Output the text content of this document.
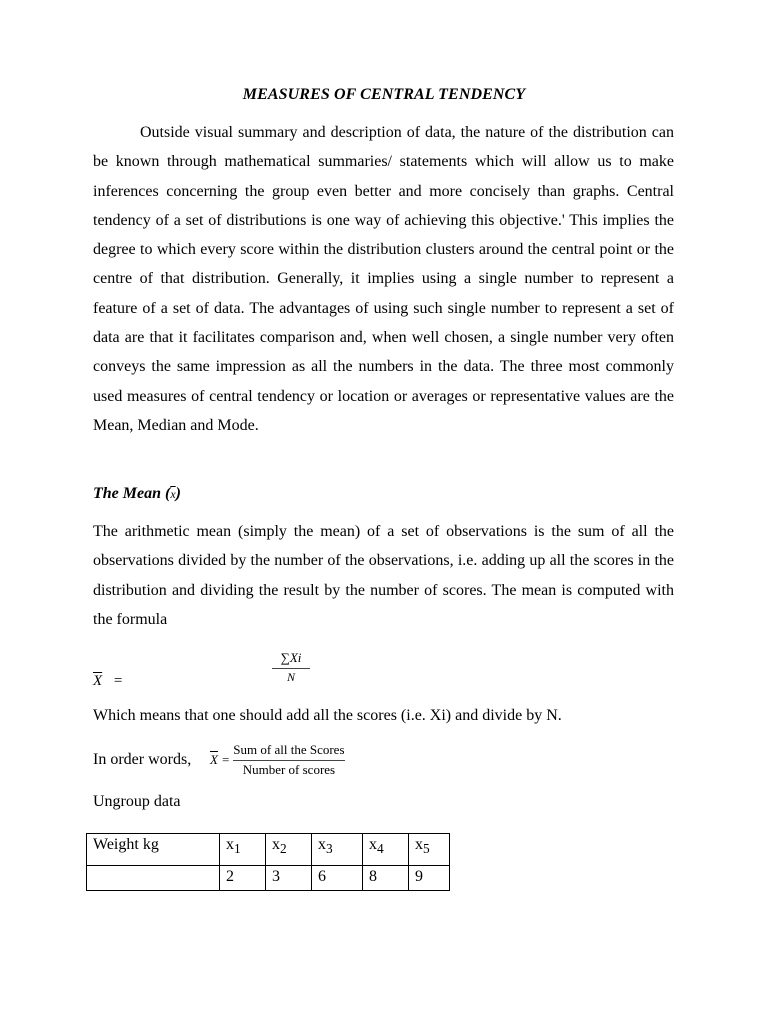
MEASURES OF CENTRAL TENDENCY

Outside visual summary and description of data, the nature of the distribution can be known through mathematical summaries/ statements which will allow us to make inferences concerning the group even better and more concisely than graphs. Central tendency of a set of distributions is one way of achieving this objective.' This implies the degree to which every score within the distribution clusters around the central point or the centre of that distribution. Generally, it implies using a single number to represent a feature of a set of data. The advantages of using such single number to represent a set of data are that it facilitates comparison and, when well chosen, a single number very often conveys the same impression as all the numbers in the data. The three most commonly used measures of central tendency or location or averages or representative values are the Mean, Median and Mode.

The Mean $(\overline{x})$

The arithmetic mean (simply the mean) of a set of observations is the sum of all the observations divided by the number of the observations, i.e. adding up all the scores in the distribution and dividing the result by the number of scores. The mean is computed with the formula

$\overline{X}$ =
∑Xi
N
Which means that one should add all the scores (i.e. Xi) and divide by N.
In order words, $\overline{X}$ =
Sum of all the Scores
Number of scores
Ungroup data
Weight kg	$x_1$	$x_2$	$x_3$	$x_4$	$x_5$
	2	3	6	8	9
